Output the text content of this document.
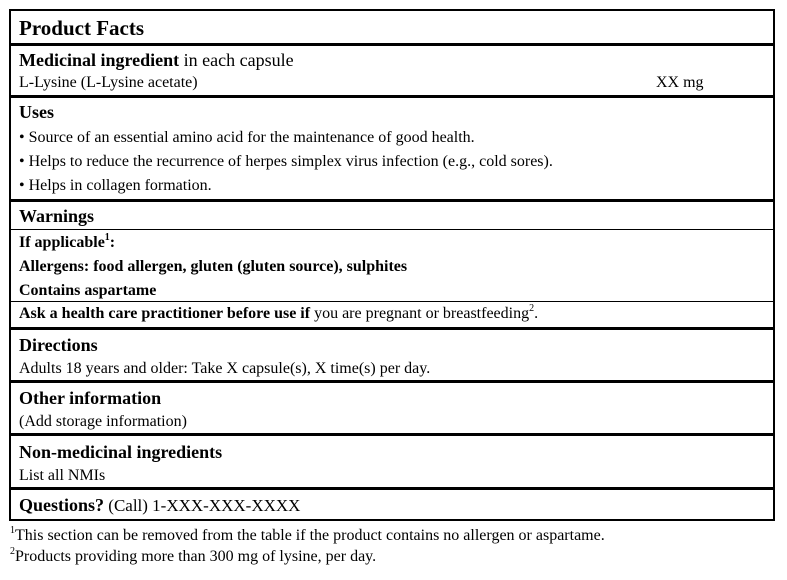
Product Facts
Medicinal ingredient in each capsule
L-Lysine (L-Lysine acetate)	XX mg
Uses
• Source of an essential amino acid for the maintenance of good health.
• Helps to reduce the recurrence of herpes simplex virus infection (e.g., cold sores).
• Helps in collagen formation.
Warnings
If applicable$^1$:
Allergens: food allergen, gluten (gluten source), sulphites
Contains aspartame
Ask a health care practitioner before use if you are pregnant or breastfeeding$^2$.
Directions
Adults 18 years and older: Take X capsule(s), X time(s) per day.
Other information
(Add storage information)
Non-medicinal ingredients
List all NMIs
Questions? (Call) 1-XXX-XXX-XXXX
$^1$This section can be removed from the table if the product contains no allergen or aspartame.
$^2$Products providing more than 300 mg of lysine, per day.
